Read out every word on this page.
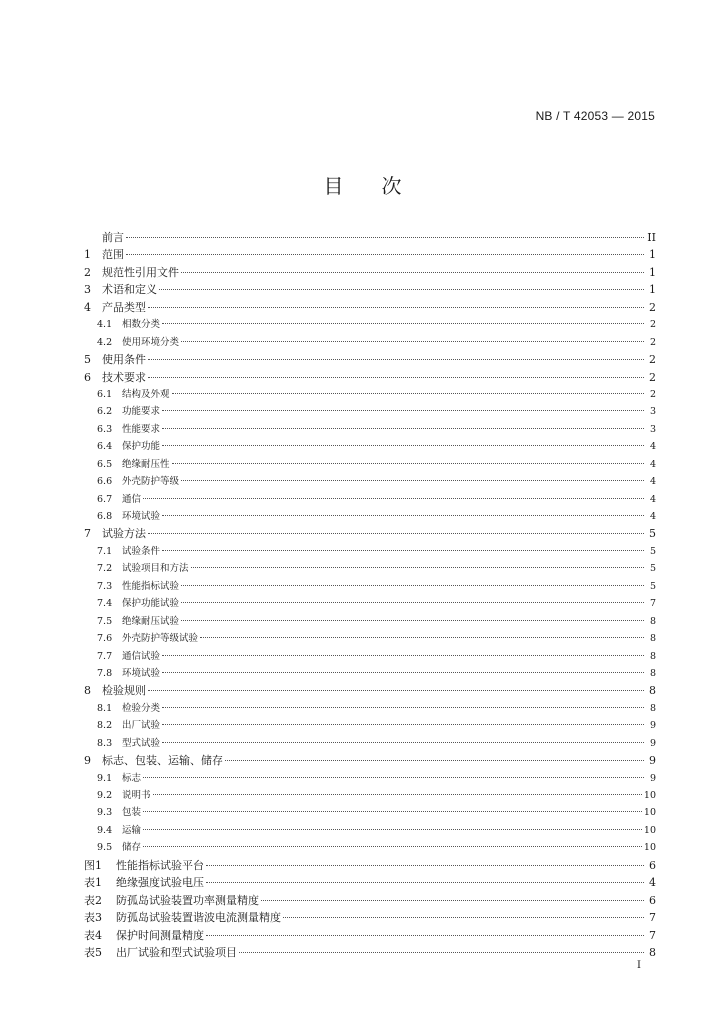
NB / T 42053 — 2015
目次
前言	II
1	范围	1
2	规范性引用文件	1
3	术语和定义	1
4	产品类型	2
4.1	相数分类	2
4.2	使用环境分类	2
5	使用条件	2
6	技术要求	2
6.1	结构及外观	2
6.2	功能要求	3
6.3	性能要求	3
6.4	保护功能	4
6.5	绝缘耐压性	4
6.6	外壳防护等级	4
6.7	通信	4
6.8	环境试验	4
7	试验方法	5
7.1	试验条件	5
7.2	试验项目和方法	5
7.3	性能指标试验	5
7.4	保护功能试验	7
7.5	绝缘耐压试验	8
7.6	外壳防护等级试验	8
7.7	通信试验	8
7.8	环境试验	8
8	检验规则	8
8.1	检验分类	8
8.2	出厂试验	9
8.3	型式试验	9
9	标志、包装、运输、储存	9
9.1	标志	9
9.2	说明书	10
9.3	包装	10
9.4	运输	10
9.5	储存	10
图1	性能指标试验平台	6
表1	绝缘强度试验电压	4
表2	防孤岛试验装置功率测量精度	6
表3	防孤岛试验装置谐波电流测量精度	7
表4	保护时间测量精度	7
表5	出厂试验和型式试验项目	8
I
